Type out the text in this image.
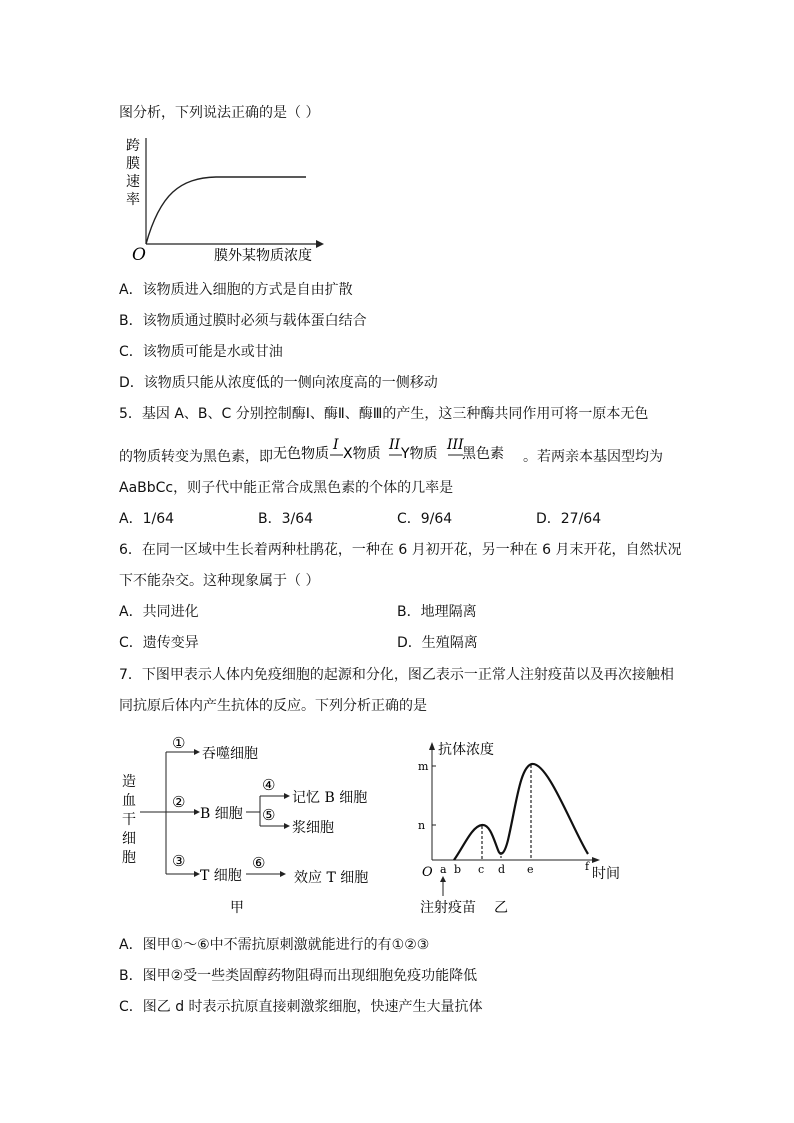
图分析，下列说法正确的是（ ）
跨
膜
速
率
O	膜外某物质浓度
A．该物质进入细胞的方式是自由扩散
B．该物质通过膜时必须与载体蛋白结合
C．该物质可能是水或甘油
D．该物质只能从浓度低的一侧向浓度高的一侧移动
5．基因 A、B、C 分别控制酶Ⅰ、酶Ⅱ、酶Ⅲ的产生，这三种酶共同作用可将一原本无色
的物质转变为黑色素，即 无色物质
I
X物质
II
Y物质
III
黑色素 。若两亲本基因型均为
AaBbCc，则子代中能正常合成黑色素的个体的几率是
A．1/64	B．3/64	C．9/64	D．27/64
6．在同一区域中生长着两种杜鹃花，一种在 6 月初开花，另一种在 6 月末开花，自然状况
下不能杂交。这种现象属于（ ）
A．共同进化	B．地理隔离
C．遗传变异	D．生殖隔离
7．下图甲表示人体内免疫细胞的起源和分化，图乙表示一正常人注射疫苗以及再次接触相
同抗原后体内产生抗体的反应。下列分析正确的是
造
血
干
细
胞
①
吞噬细胞
②
B 细胞
④
⑤
记忆 B 细胞
浆细胞
③
T 细胞
⑥
效应 T 细胞
甲
抗体浓度
m
n
O a b c d e	f 时间
注射疫苗 乙
A．图甲①～⑥中不需抗原刺激就能进行的有①②③
B．图甲②受一些类固醇药物阻碍而出现细胞免疫功能降低
C．图乙 d 时表示抗原直接刺激浆细胞，快速产生大量抗体
